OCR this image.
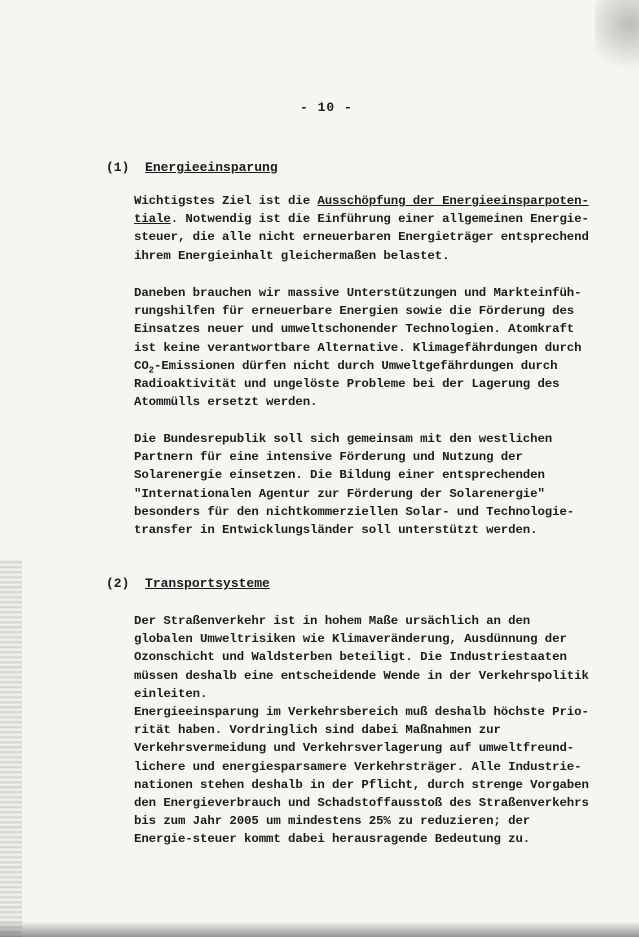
- 10 -
(1) Energieeinsparung
Wichtigstes Ziel ist die Ausschöpfung der Energieeinsparpoten-
tiale. Notwendig ist die Einführung einer allgemeinen Energie-
steuer, die alle nicht erneuerbaren Energieträger entsprechend
ihrem Energieinhalt gleichermaßen belastet.
Daneben brauchen wir massive Unterstützungen und Markteinfüh-
rungshilfen für erneuerbare Energien sowie die Förderung des
Einsatzes neuer und umweltschonender Technologien. Atomkraft
ist keine verantwortbare Alternative. Klimagefährdungen durch
$CO_2$-Emissionen dürfen nicht durch Umweltgefährdungen durch
Radioaktivität und ungelöste Probleme bei der Lagerung des
Atommülls ersetzt werden.
Die Bundesrepublik soll sich gemeinsam mit den westlichen
Partnern für eine intensive Förderung und Nutzung der
Solarenergie einsetzen. Die Bildung einer entsprechenden
"Internationalen Agentur zur Förderung der Solarenergie"
besonders für den nichtkommerziellen Solar- und Technologie-
transfer in Entwicklungsländer soll unterstützt werden.
(2) Transportsysteme
Der Straßenverkehr ist in hohem Maße ursächlich an den
globalen Umweltrisiken wie Klimaveränderung, Ausdünnung der
Ozonschicht und Waldsterben beteiligt. Die Industriestaaten
müssen deshalb eine entscheidende Wende in der Verkehrspolitik
einleiten.
Energieeinsparung im Verkehrsbereich muß deshalb höchste Prio-
rität haben. Vordringlich sind dabei Maßnahmen zur
Verkehrsvermeidung und Verkehrsverlagerung auf umweltfreund-
lichere und energiesparsamere Verkehrsträger. Alle Industrie-
nationen stehen deshalb in der Pflicht, durch strenge Vorgaben
den Energieverbrauch und Schadstoffausstoß des Straßenverkehrs
bis zum Jahr 2005 um mindestens 25% zu reduzieren; der
Energie-steuer kommt dabei herausragende Bedeutung zu.
